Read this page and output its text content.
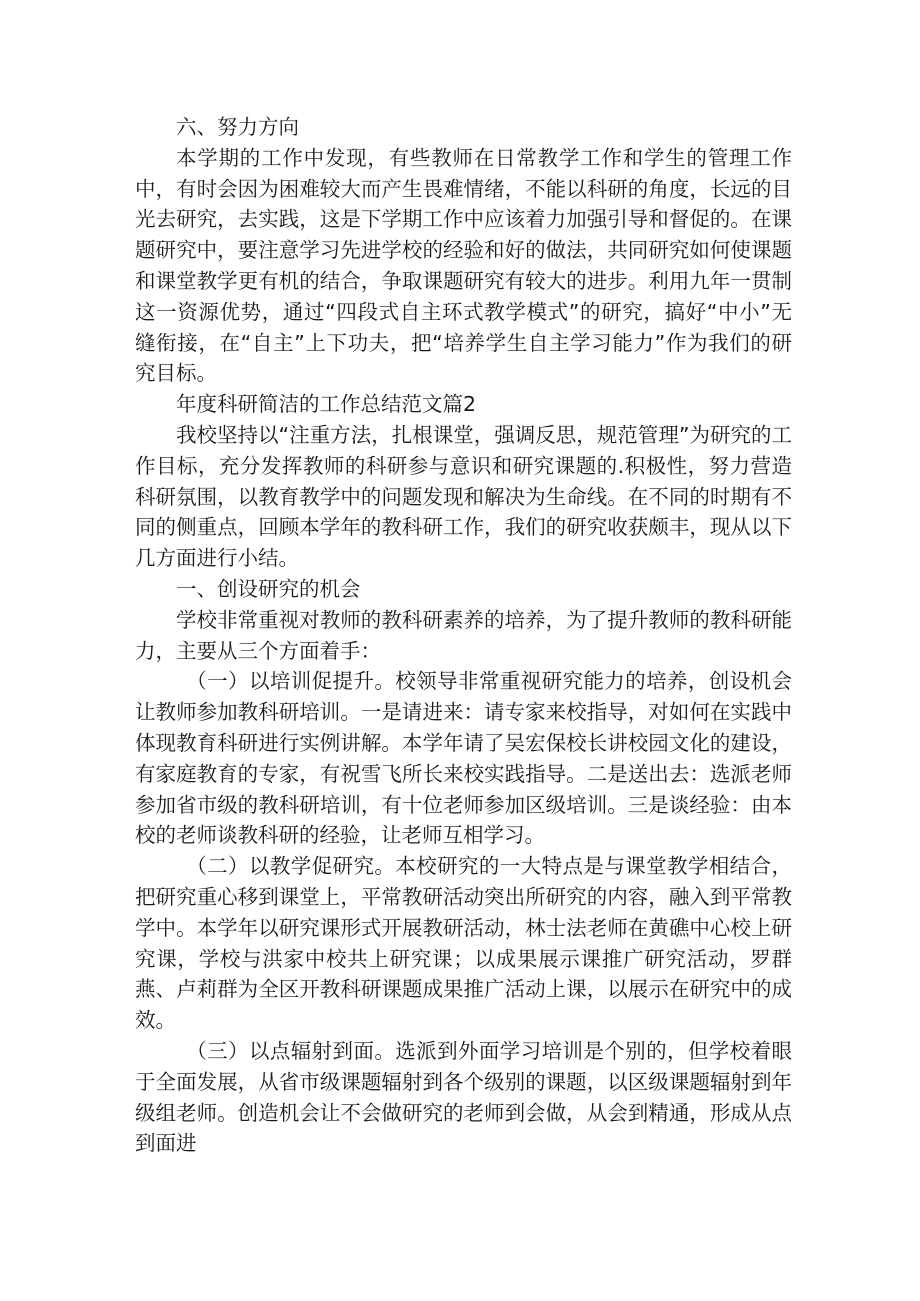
六、努力方向

本学期的工作中发现，有些教师在日常教学工作和学生的管理工作中，有时会因为困难较大而产生畏难情绪，不能以科研的角度，长远的目光去研究，去实践，这是下学期工作中应该着力加强引导和督促的。在课题研究中，要注意学习先进学校的经验和好的做法，共同研究如何使课题和课堂教学更有机的结合，争取课题研究有较大的进步。利用九年一贯制这一资源优势，通过“四段式自主环式教学模式”的研究，搞好“中小”无缝衔接，在“自主”上下功夫，把“培养学生自主学习能力”作为我们的研究目标。

年度科研简洁的工作总结范文篇2

我校坚持以“注重方法，扎根课堂，强调反思，规范管理”为研究的工作目标，充分发挥教师的科研参与意识和研究课题的.积极性，努力营造科研氛围，以教育教学中的问题发现和解决为生命线。在不同的时期有不同的侧重点，回顾本学年的教科研工作，我们的研究收获颇丰，现从以下几方面进行小结。

一、创设研究的机会

学校非常重视对教师的教科研素养的培养，为了提升教师的教科研能力，主要从三个方面着手：

（一）以培训促提升。校领导非常重视研究能力的培养，创设机会让教师参加教科研培训。一是请进来：请专家来校指导，对如何在实践中体现教育科研进行实例讲解。本学年请了吴宏保校长讲校园文化的建设，有家庭教育的专家，有祝雪飞所长来校实践指导。二是送出去：选派老师参加省市级的教科研培训，有十位老师参加区级培训。三是谈经验：由本校的老师谈教科研的经验，让老师互相学习。

（二）以教学促研究。本校研究的一大特点是与课堂教学相结合，把研究重心移到课堂上，平常教研活动突出所研究的内容，融入到平常教学中。本学年以研究课形式开展教研活动，林士法老师在黄礁中心校上研究课，学校与洪家中校共上研究课；以成果展示课推广研究活动，罗群燕、卢莉群为全区开教科研课题成果推广活动上课，以展示在研究中的成效。

（三）以点辐射到面。选派到外面学习培训是个别的，但学校着眼于全面发展，从省市级课题辐射到各个级别的课题，以区级课题辐射到年级组老师。创造机会让不会做研究的老师到会做，从会到精通，形成从点到面进
